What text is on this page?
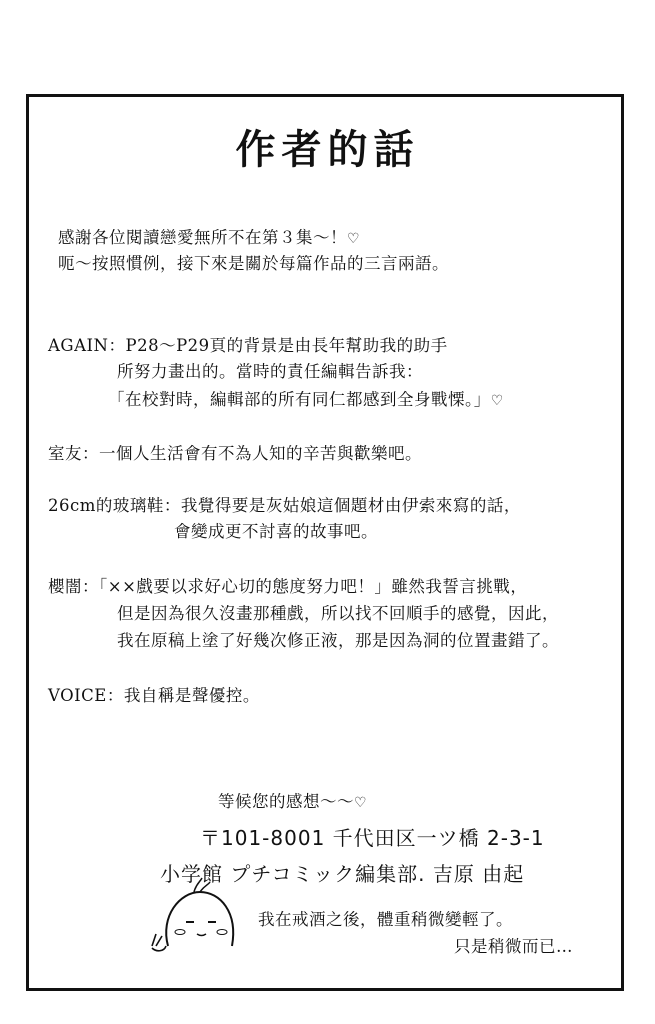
作者的話
感謝各位閱讀戀愛無所不在第３集～！♡
呃～按照慣例，接下來是關於每篇作品的三言兩語。
AGAIN：P28～P29頁的背景是由長年幫助我的助手
所努力畫出的。當時的責任編輯告訴我：
「在校對時，編輯部的所有同仁都感到全身戰慄。」♡
室友：一個人生活會有不為人知的辛苦與歡樂吧。
26cm的玻璃鞋：我覺得要是灰姑娘這個題材由伊索來寫的話，
會變成更不討喜的故事吧。
櫻闇：「××戲要以求好心切的態度努力吧！」雖然我誓言挑戰，
但是因為很久沒畫那種戲，所以找不回順手的感覺，因此，
我在原稿上塗了好幾次修正液，那是因為洞的位置畫錯了。
VOICE：我自稱是聲優控。
等候您的感想～～♡
〒101-8001 千代田区一ツ橋 2-3-1
小学館 プチコミック編集部. 吉原 由起
我在戒酒之後，體重稍微變輕了。
只是稍微而已…
